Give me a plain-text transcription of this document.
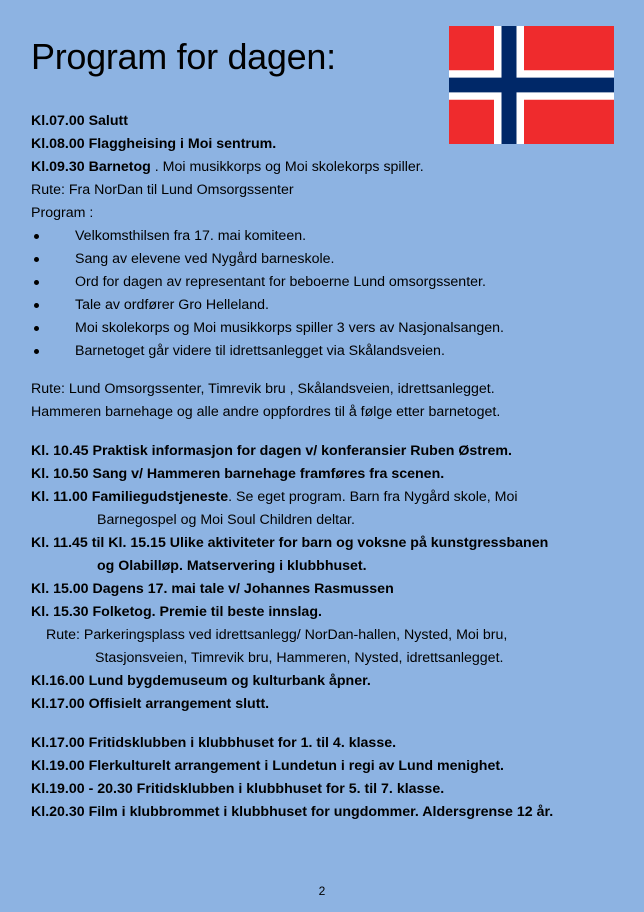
Program for dagen:
Kl.07.00 Salutt
Kl.08.00 Flaggheising i Moi sentrum.
Kl.09.30 Barnetog . Moi musikkorps og Moi skolekorps spiller.
Rute: Fra NorDan til Lund Omsorgssenter
Program :
Velkomsthilsen fra 17. mai komiteen.
Sang av elevene ved Nygård barneskole.
Ord for dagen av representant for beboerne Lund omsorgssenter.
Tale av ordfører Gro Helleland.
Moi skolekorps og Moi musikkorps spiller 3 vers av Nasjonalsangen.
Barnetoget går videre til idrettsanlegget via Skålandsveien.
Rute: Lund Omsorgssenter, Timrevik bru , Skålandsveien, idrettsanlegget.
Hammeren barnehage og alle andre oppfordres til å følge etter barnetoget.
Kl. 10.45 Praktisk informasjon for dagen v/ konferansier Ruben Østrem.
Kl. 10.50 Sang v/ Hammeren barnehage framføres fra scenen.
Kl. 11.00 Familiegudstjeneste. Se eget program. Barn fra Nygård skole, Moi
Barnegospel og Moi Soul Children deltar.
Kl. 11.45 til Kl. 15.15 Ulike aktiviteter for barn og voksne på kunstgressbanen
og Olabilløp. Matservering i klubbhuset.
Kl. 15.00 Dagens 17. mai tale v/ Johannes Rasmussen
Kl. 15.30 Folketog. Premie til beste innslag.
Rute: Parkeringsplass ved idrettsanlegg/ NorDan-hallen, Nysted, Moi bru,
Stasjonsveien, Timrevik bru, Hammeren, Nysted, idrettsanlegget.
Kl.16.00 Lund bygdemuseum og kulturbank åpner.
Kl.17.00 Offisielt arrangement slutt.
Kl.17.00 Fritidsklubben i klubbhuset for 1. til 4. klasse.
Kl.19.00 Flerkulturelt arrangement i Lundetun i regi av Lund menighet.
Kl.19.00 - 20.30 Fritidsklubben i klubbhuset for 5. til 7. klasse.
Kl.20.30 Film i klubbrommet i klubbhuset for ungdommer. Aldersgrense 12 år.
2
